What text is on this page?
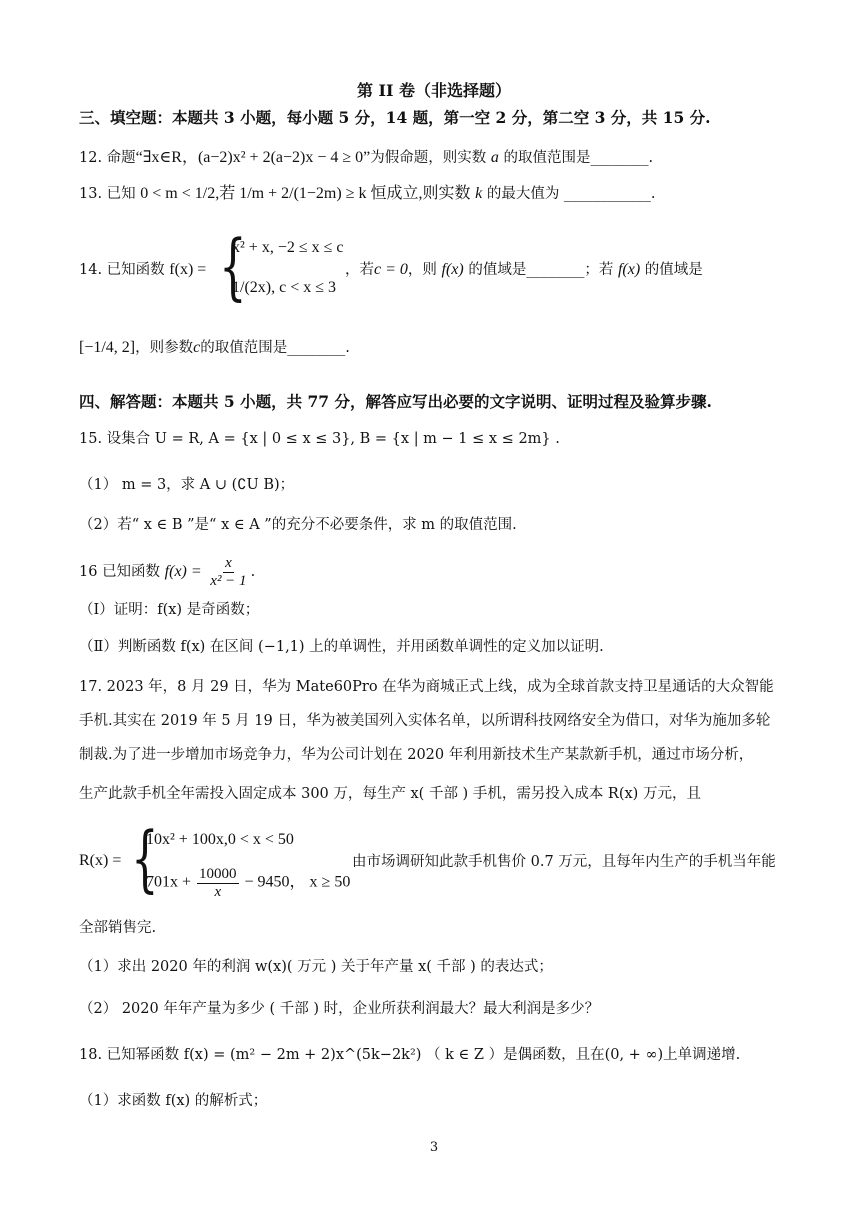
第 II 卷（非选择题）
三、填空题：本题共 3 小题，每小题 5 分，14 题，第一空 2 分，第二空 3 分，共 15 分.
12. 命题“∃x∈R，(a−2)x² + 2(a−2)x − 4 ≥ 0”为假命题，则实数 a 的取值范围是________.
13. 已知 0 < m < 1/2,若 1/m + 2/(1−2m) ≥ k 恒成立,则实数 k 的最大值为 ____________.
14. 已知函数 f(x) = {
x² + x, −2 ≤ x ≤ c
1/(2x), c < x ≤ 3
，若c = 0，则 f(x) 的值域是________；若 f(x) 的值域是
[−1/4, 2]，则参数c的取值范围是________.
四、解答题：本题共 5 小题，共 77 分，解答应写出必要的文字说明、证明过程及验算步骤.
15. 设集合 U = R, A = {x | 0 ≤ x ≤ 3}, B = {x | m − 1 ≤ x ≤ 2m} .
（1） m = 3，求 A ∪ (∁U B)；
（2）若“ x ∈ B ”是“ x ∈ A ”的充分不必要条件，求 m 的取值范围.
16 已知函数 $f(x) = \frac{x}{\text{x² − 1}}$ .
（Ⅰ）证明：f(x) 是奇函数；
（Ⅱ）判断函数 f(x) 在区间 (−1,1) 上的单调性，并用函数单调性的定义加以证明.
17. 2023 年，8 月 29 日，华为 Mate60Pro 在华为商城正式上线，成为全球首款支持卫星通话的大众智能
手机.其实在 2019 年 5 月 19 日，华为被美国列入实体名单，以所谓科技网络安全为借口，对华为施加多轮
制裁.为了进一步增加市场竞争力，华为公司计划在 2020 年利用新技术生产某款新手机，通过市场分析，
生产此款手机全年需投入固定成本 300 万，每生产 x( 千部 ) 手机，需另投入成本 R(x) 万元，且
R(x) = {
10x² + 100x,0 < x < 50
$701x + \frac{10000}{x} - 9450$， x ≥ 50
由市场调研知此款手机售价 0.7 万元，且每年内生产的手机当年能
全部销售完.
（1）求出 2020 年的利润 w(x)( 万元 ) 关于年产量 x( 千部 ) 的表达式；
（2） 2020 年年产量为多少 ( 千部 ) 时，企业所获利润最大？最大利润是多少？
18. 已知幂函数 f(x) = (m² − 2m + 2)x^(5k−2k²) （ k ∈ Z ）是偶函数，且在(0, + ∞)上单调递增.
（1）求函数 f(x) 的解析式；
3
